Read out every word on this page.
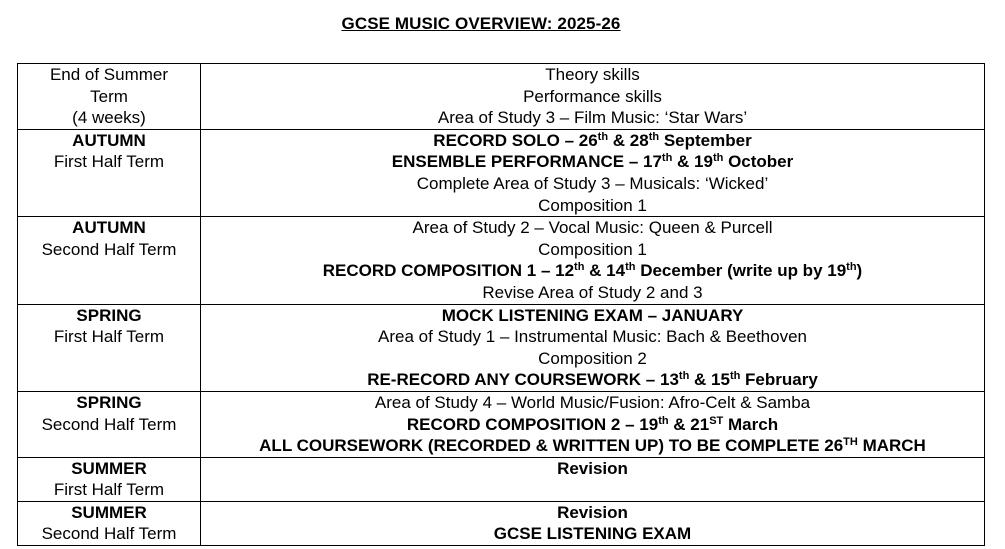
GCSE MUSIC OVERVIEW: 2025-26
End of Summer
Term
(4 weeks)	Theory skills
Performance skills
Area of Study 3 – Film Music: ‘Star Wars’

AUTUMN
First Half Term	RECORD SOLO – 26th & 28th September
ENSEMBLE PERFORMANCE – 17th & 19th October
Complete Area of Study 3 – Musicals: ‘Wicked’
Composition 1

AUTUMN
Second Half Term	Area of Study 2 – Vocal Music: Queen & Purcell
Composition 1
RECORD COMPOSITION 1 – 12th & 14th December (write up by 19th)
Revise Area of Study 2 and 3

SPRING
First Half Term	MOCK LISTENING EXAM – JANUARY
Area of Study 1 – Instrumental Music: Bach & Beethoven
Composition 2
RE-RECORD ANY COURSEWORK – 13th & 15th February

SPRING
Second Half Term	Area of Study 4 – World Music/Fusion: Afro-Celt & Samba
RECORD COMPOSITION 2 – 19th & 21ST March
ALL COURSEWORK (RECORDED & WRITTEN UP) TO BE COMPLETE 26TH MARCH

SUMMER
First Half Term	Revision

SUMMER
Second Half Term	Revision
GCSE LISTENING EXAM
